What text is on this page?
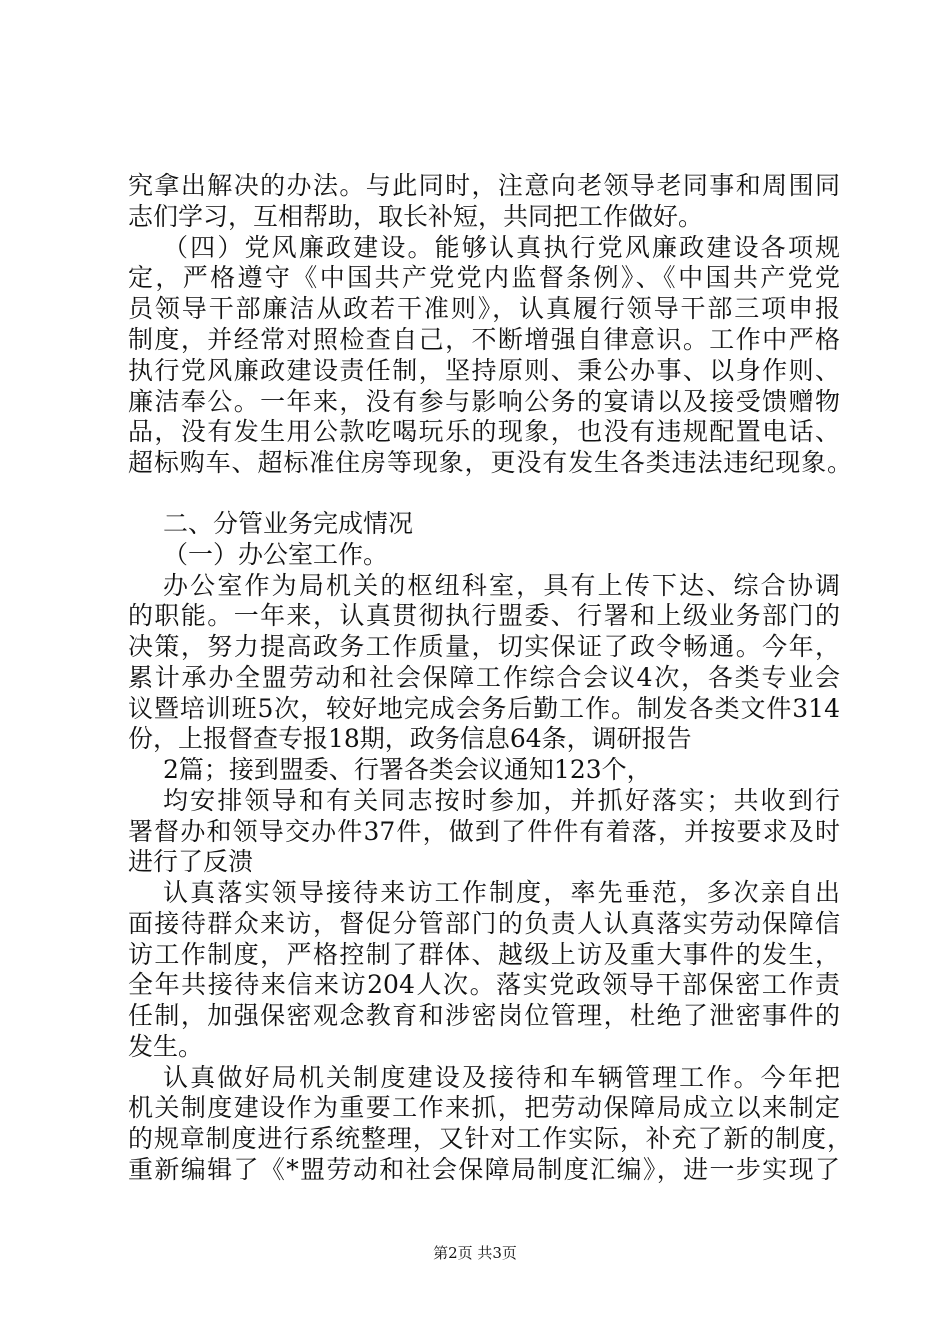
究拿出解决的办法。与此同时，注意向老领导老同事和周围同
志们学习，互相帮助，取长补短，共同把工作做好。
（四）党风廉政建设。能够认真执行党风廉政建设各项规
定，严格遵守《中国共产党党内监督条例》、《中国共产党党
员领导干部廉洁从政若干准则》，认真履行领导干部三项申报
制度，并经常对照检查自己，不断增强自律意识。工作中严格
执行党风廉政建设责任制，坚持原则、秉公办事、以身作则、
廉洁奉公。一年来，没有参与影响公务的宴请以及接受馈赠物
品，没有发生用公款吃喝玩乐的现象，也没有违规配置电话、
超标购车、超标准住房等现象，更没有发生各类违法违纪现象。
二、分管业务完成情况
（一）办公室工作。
办公室作为局机关的枢纽科室，具有上传下达、综合协调
的职能。一年来，认真贯彻执行盟委、行署和上级业务部门的
决策，努力提高政务工作质量，切实保证了政令畅通。今年，
累计承办全盟劳动和社会保障工作综合会议4次，各类专业会
议暨培训班5次，较好地完成会务后勤工作。制发各类文件314
份，上报督查专报18期，政务信息64条，调研报告
2篇；接到盟委、行署各类会议通知123个，
均安排领导和有关同志按时参加，并抓好落实；共收到行
署督办和领导交办件37件，做到了件件有着落，并按要求及时
进行了反溃
认真落实领导接待来访工作制度，率先垂范，多次亲自出
面接待群众来访，督促分管部门的负责人认真落实劳动保障信
访工作制度，严格控制了群体、越级上访及重大事件的发生，
全年共接待来信来访204人次。落实党政领导干部保密工作责
任制，加强保密观念教育和涉密岗位管理，杜绝了泄密事件的
发生。
认真做好局机关制度建设及接待和车辆管理工作。今年把
机关制度建设作为重要工作来抓，把劳动保障局成立以来制定
的规章制度进行系统整理，又针对工作实际，补充了新的制度，
重新编辑了《*盟劳动和社会保障局制度汇编》，进一步实现了
第2页 共3页
